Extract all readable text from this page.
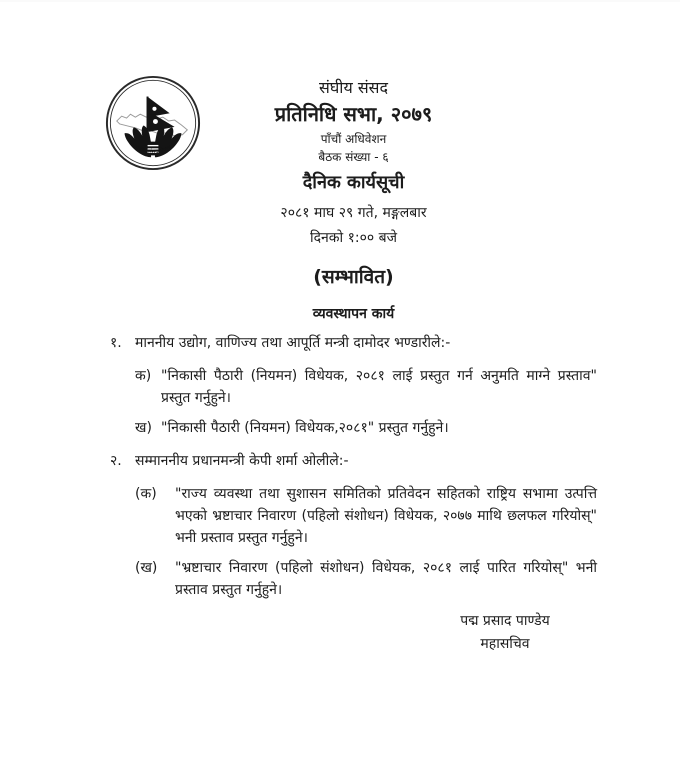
संघीय संसद नेपाल
संघीय संसद
प्रतिनिधि सभा, २०७९
पाँचौं अधिवेशन
बैठक संख्या - ६
दैनिक कार्यसूची
२०८१ माघ २९ गते, मङ्गलबार
दिनको १:०० बजे
(सम्भावित)
व्यवस्थापन कार्य
१. माननीय उद्योग, वाणिज्य तथा आपूर्ति मन्त्री दामोदर भण्डारीले:-
क) "निकासी पैठारी (नियमन) विधेयक, २०८१ लाई प्रस्तुत गर्न अनुमति माग्ने प्रस्ताव" प्रस्तुत गर्नुहुने।
ख) "निकासी पैठारी (नियमन) विधेयक,२०८१" प्रस्तुत गर्नुहुने।
२. सम्माननीय प्रधानमन्त्री केपी शर्मा ओलीले:-
(क)	"राज्य व्यवस्था तथा सुशासन समितिको प्रतिवेदन सहितको राष्ट्रिय सभामा उत्पत्ति भएको भ्रष्टाचार निवारण (पहिलो संशोधन) विधेयक, २०७७ माथि छलफल गरियोस्" भनी प्रस्ताव प्रस्तुत गर्नुहुने।
(ख)	"भ्रष्टाचार निवारण (पहिलो संशोधन) विधेयक, २०८१ लाई पारित गरियोस्" भनी प्रस्ताव प्रस्तुत गर्नुहुने।
पद्म प्रसाद पाण्डेय
महासचिव
